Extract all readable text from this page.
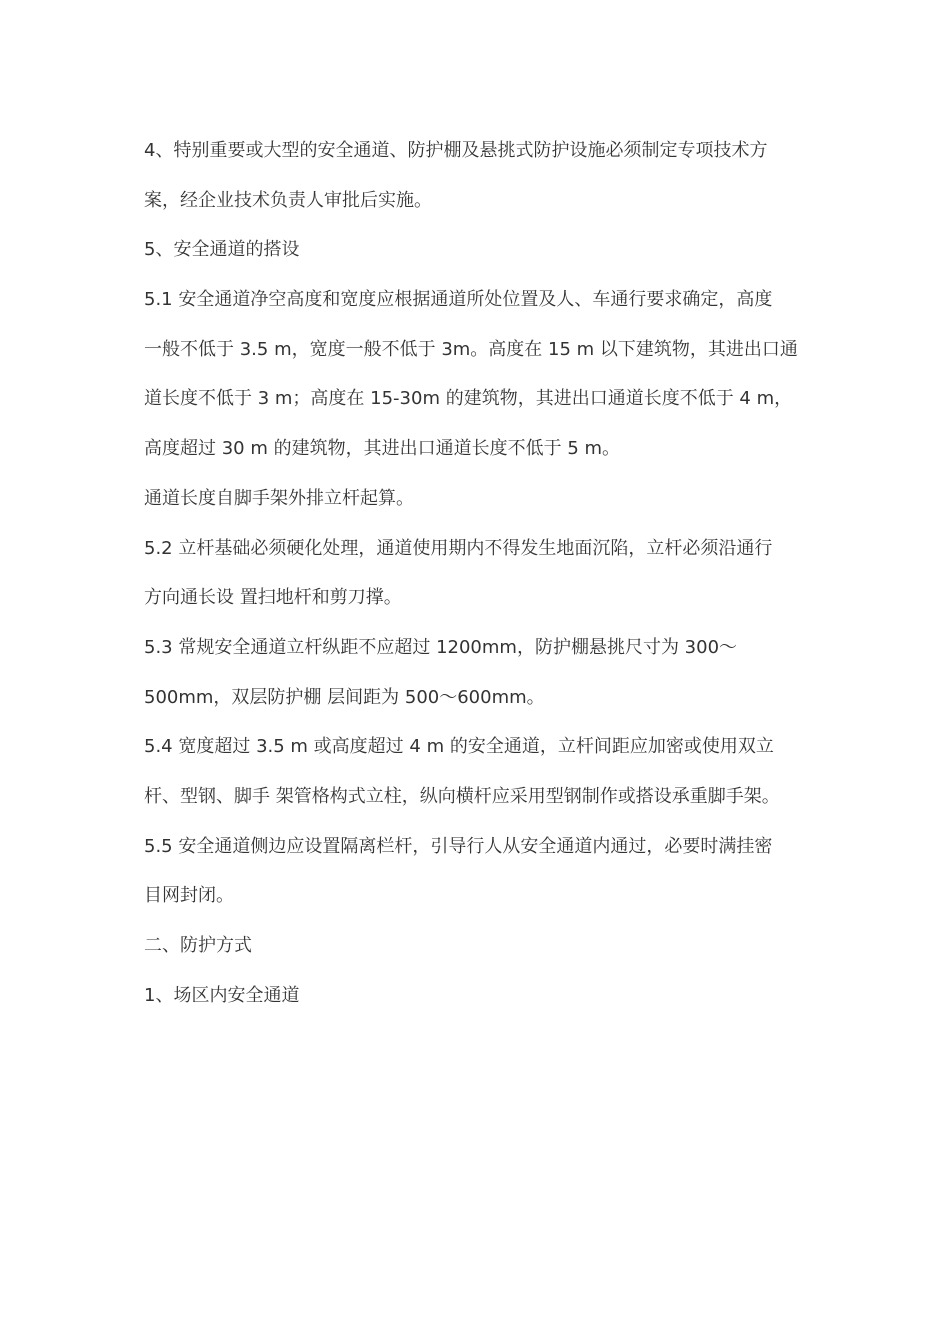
4、特别重要或大型的安全通道、防护棚及悬挑式防护设施必须制定专项技术方
案，经企业技术负责人审批后实施。
5、安全通道的搭设
5.1 安全通道净空高度和宽度应根据通道所处位置及人、车通行要求确定，高度
一般不低于 3.5 m，宽度一般不低于 3m。高度在 15 m 以下建筑物，其进出口通
道长度不低于 3 m；高度在 15-30m 的建筑物，其进出口通道长度不低于 4 m，
高度超过 30 m 的建筑物，其进出口通道长度不低于 5 m。
通道长度自脚手架外排立杆起算。
5.2 立杆基础必须硬化处理，通道使用期内不得发生地面沉陷，立杆必须沿通行
方向通长设 置扫地杆和剪刀撑。
5.3 常规安全通道立杆纵距不应超过 1200mm，防护棚悬挑尺寸为 300～
500mm，双层防护棚 层间距为 500～600mm。
5.4 宽度超过 3.5 m 或高度超过 4 m 的安全通道，立杆间距应加密或使用双立
杆、型钢、脚手 架管格构式立柱，纵向横杆应采用型钢制作或搭设承重脚手架。
5.5 安全通道侧边应设置隔离栏杆，引导行人从安全通道内通过，必要时满挂密
目网封闭。
二、防护方式
1、场区内安全通道
